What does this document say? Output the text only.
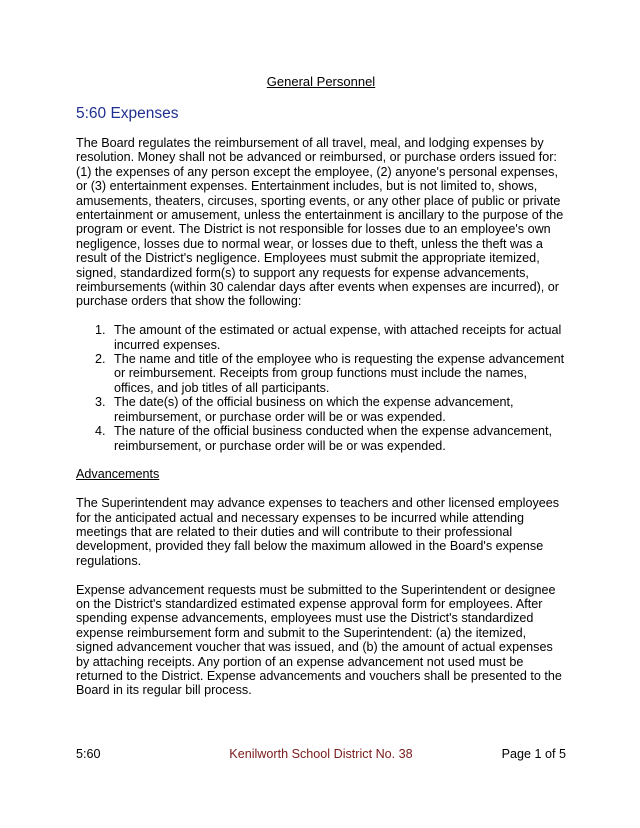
General Personnel
5:60 Expenses

The Board regulates the reimbursement of all travel, meal, and lodging expenses by resolution. Money shall not be advanced or reimbursed, or purchase orders issued for: (1) the expenses of any person except the employee, (2) anyone's personal expenses, or (3) entertainment expenses. Entertainment includes, but is not limited to, shows, amusements, theaters, circuses, sporting events, or any other place of public or private entertainment or amusement, unless the entertainment is ancillary to the purpose of the program or event. The District is not responsible for losses due to an employee's own negligence, losses due to normal wear, or losses due to theft, unless the theft was a result of the District's negligence. Employees must submit the appropriate itemized, signed, standardized form(s) to support any requests for expense advancements, reimbursements (within 30 calendar days after events when expenses are incurred), or purchase orders that show the following:

1. The amount of the estimated or actual expense, with attached receipts for actual incurred expenses.
2. The name and title of the employee who is requesting the expense advancement or reimbursement. Receipts from group functions must include the names, offices, and job titles of all participants.
3. The date(s) of the official business on which the expense advancement, reimbursement, or purchase order will be or was expended.
4. The nature of the official business conducted when the expense advancement, reimbursement, or purchase order will be or was expended.
Advancements

The Superintendent may advance expenses to teachers and other licensed employees for the anticipated actual and necessary expenses to be incurred while attending meetings that are related to their duties and will contribute to their professional development, provided they fall below the maximum allowed in the Board's expense regulations.

Expense advancement requests must be submitted to the Superintendent or designee on the District's standardized estimated expense approval form for employees. After spending expense advancements, employees must use the District's standardized expense reimbursement form and submit to the Superintendent: (a) the itemized, signed advancement voucher that was issued, and (b) the amount of actual expenses by attaching receipts. Any portion of an expense advancement not used must be returned to the District. Expense advancements and vouchers shall be presented to the Board in its regular bill process.

5:60	Kenilworth School District No. 38	Page 1 of 5
